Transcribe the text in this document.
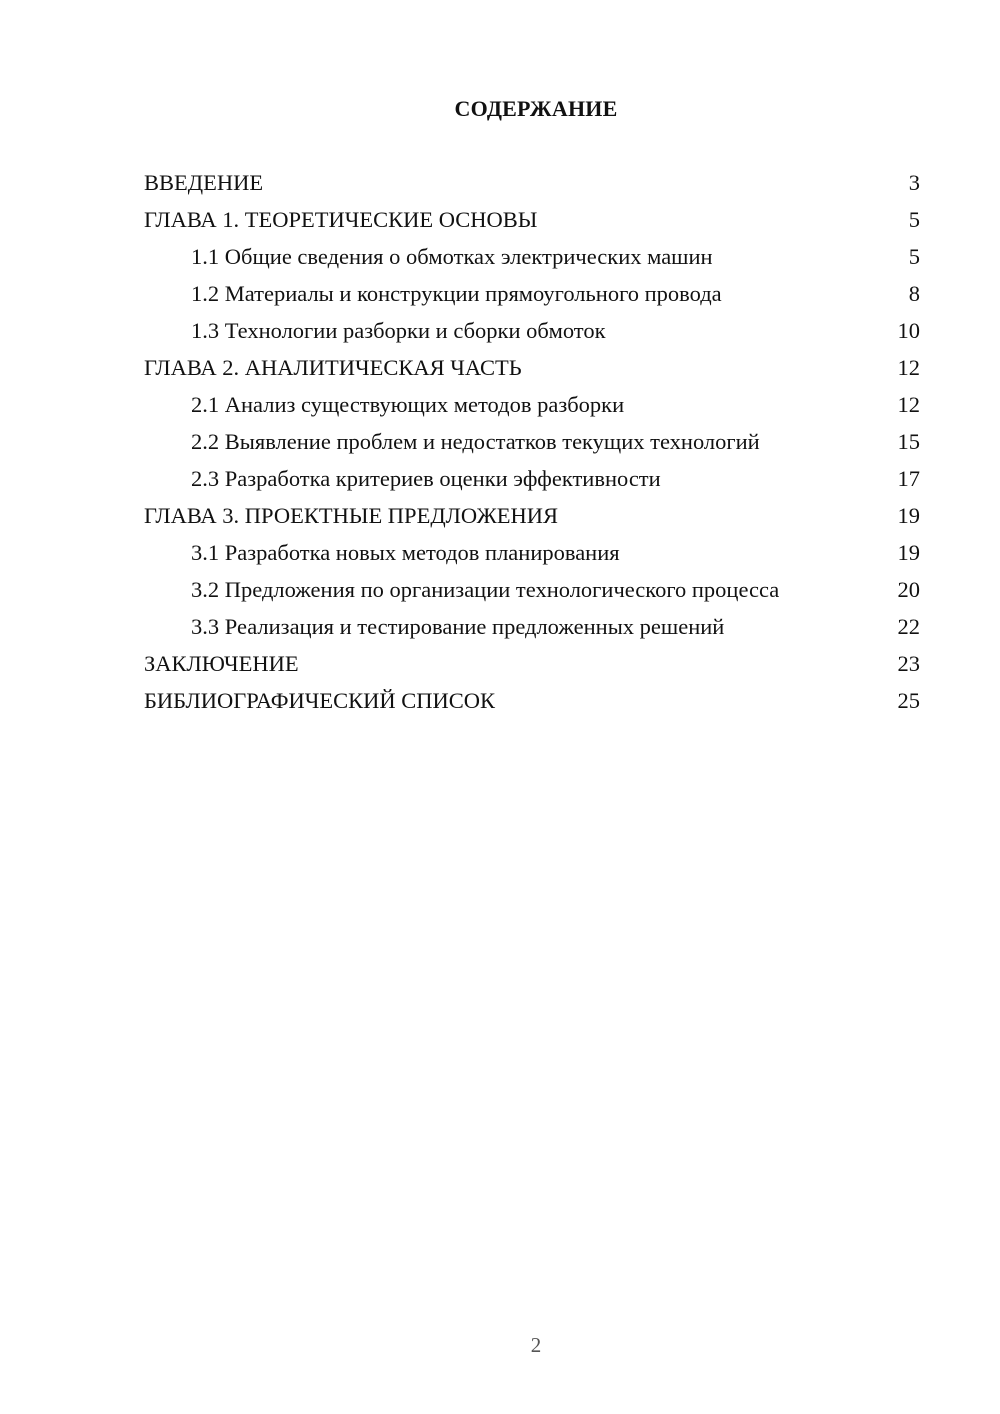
СОДЕРЖАНИЕ
ВВЕДЕНИЕ	3
ГЛАВА 1. ТЕОРЕТИЧЕСКИЕ ОСНОВЫ	5
1.1 Общие сведения о обмотках электрических машин	5
1.2 Материалы и конструкции прямоугольного провода	8
1.3 Технологии разборки и сборки обмоток	10
ГЛАВА 2. АНАЛИТИЧЕСКАЯ ЧАСТЬ	12
2.1 Анализ существующих методов разборки	12
2.2 Выявление проблем и недостатков текущих технологий	15
2.3 Разработка критериев оценки эффективности	17
ГЛАВА 3. ПРОЕКТНЫЕ ПРЕДЛОЖЕНИЯ	19
3.1 Разработка новых методов планирования	19
3.2 Предложения по организации технологического процесса	20
3.3 Реализация и тестирование предложенных решений	22
ЗАКЛЮЧЕНИЕ	23
БИБЛИОГРАФИЧЕСКИЙ СПИСОК	25
2
